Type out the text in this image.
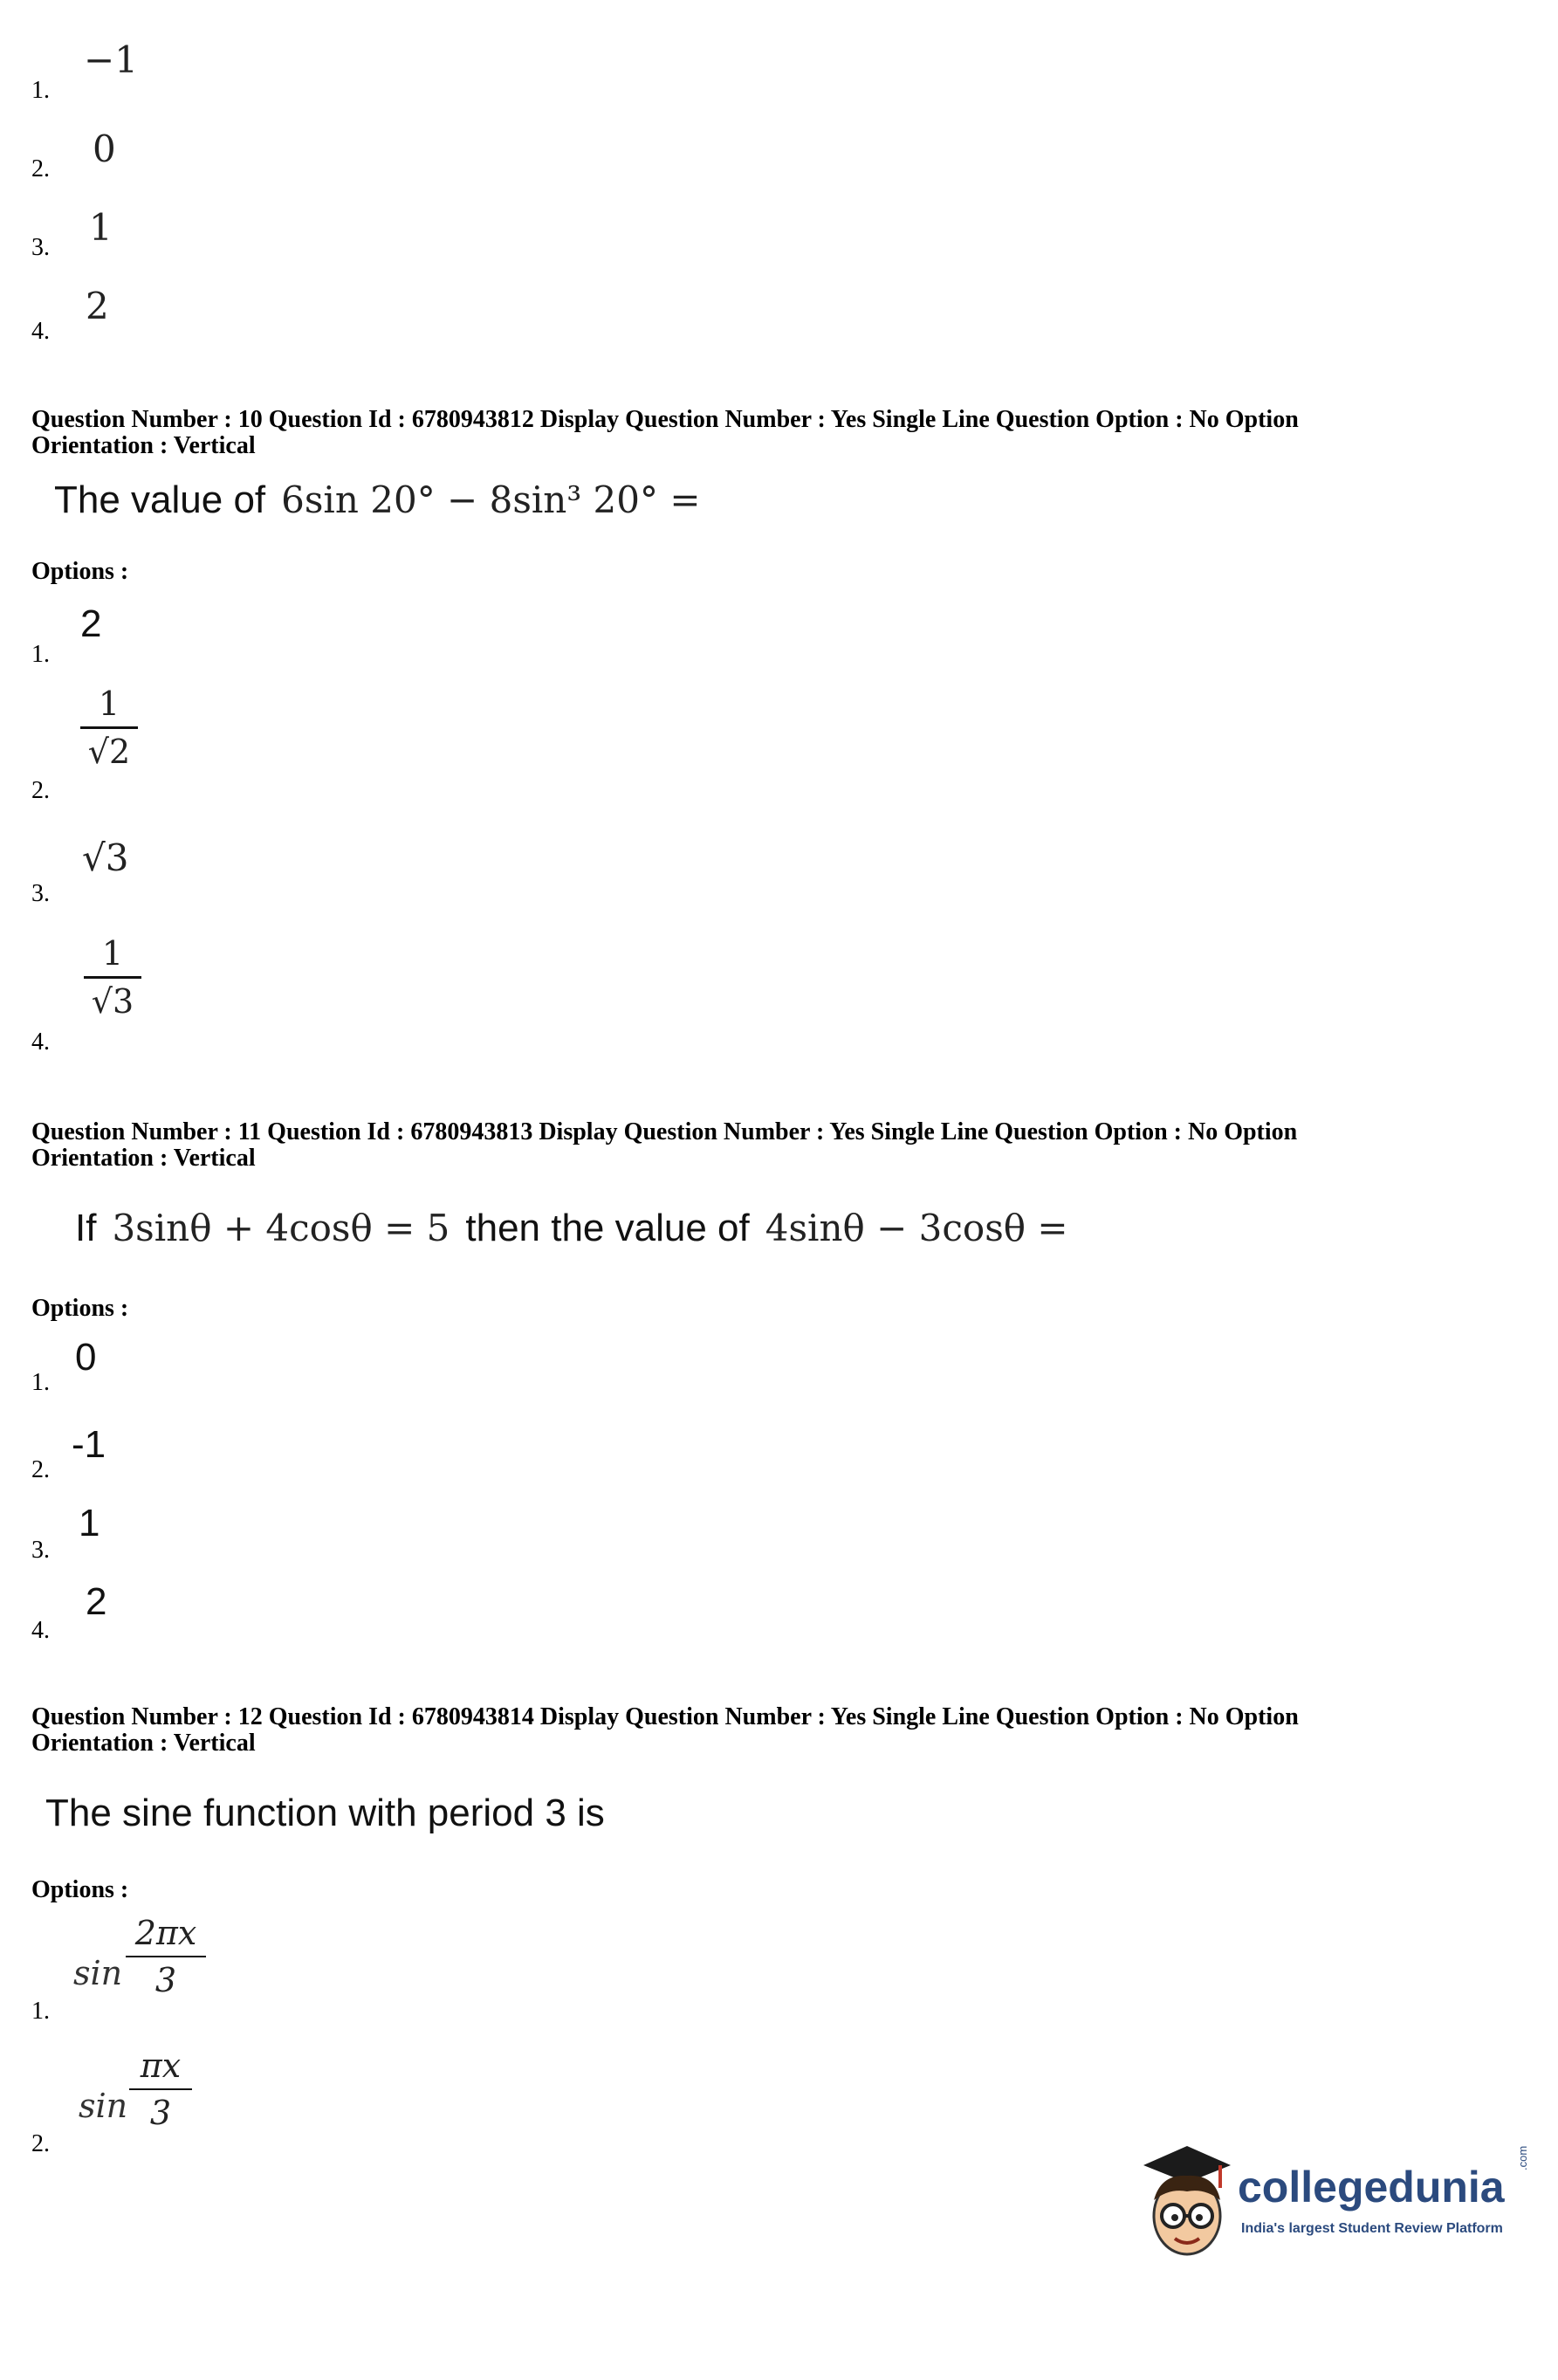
1.
−1
2. 0
3. 1
4.
2
Question Number : 10 Question Id : 6780943812 Display Question Number : Yes Single Line Question Option : No Option
Orientation : Vertical
The value of 6sin 20° − 8sin³ 20° =
Options :
1.
2
2.
1
√2
3.
√3
4.
1
√3
Question Number : 11 Question Id : 6780943813 Display Question Number : Yes Single Line Question Option : No Option
Orientation : Vertical
If 3sinθ + 4cosθ = 5 then the value of 4sinθ − 3cosθ =
Options :
1.
0
2.
-1
3.
1
4.
2
Question Number : 12 Question Id : 6780943814 Display Question Number : Yes Single Line Question Option : No Option
Orientation : Vertical
The sine function with period 3 is
Options :
1.
sin
2πx
3
2.
sin
πx
3
collegedunia
.com
India's largest Student Review Platform
